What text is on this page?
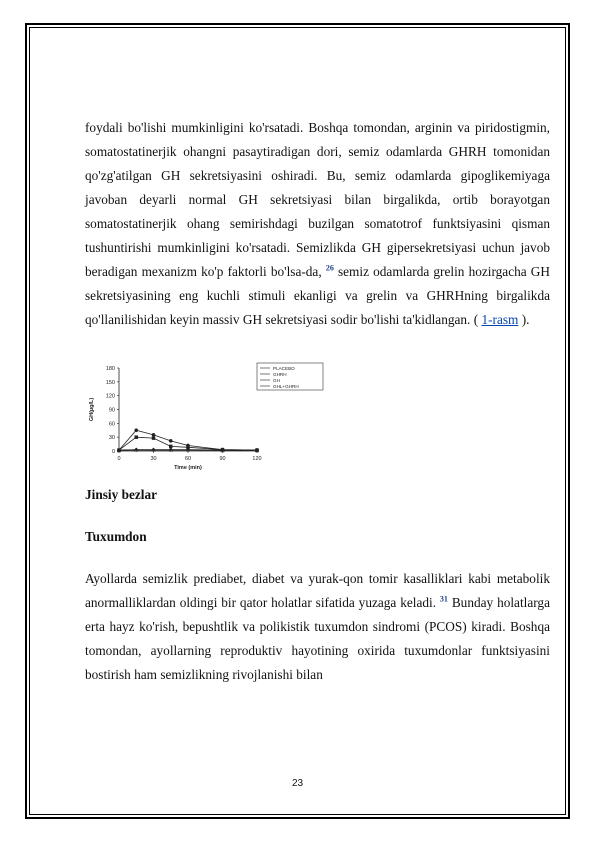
foydali bo'lishi mumkinligini ko'rsatadi. Boshqa tomondan, arginin va piridostigmin, somatostatinerjik ohangni pasaytiradigan dori, semiz odamlarda GHRH tomonidan qo'zg'atilgan GH sekretsiyasini oshiradi. Bu, semiz odamlarda gipoglikemiyaga javoban deyarli normal GH sekretsiyasi bilan birgalikda, ortib borayotgan somatostatinerjik ohang semirishdagi buzilgan somatotrof funktsiyasini qisman tushuntirishi mumkinligini ko'rsatadi. Semizlikda GH gipersekretsiyasi uchun javob beradigan mexanizm ko'p faktorli bo'lsa-da, $^{26}$ semiz odamlarda grelin hozirgacha GH sekretsiyasining eng kuchli stimuli ekanligi va grelin va GHRHning birgalikda qo'llanilishidan keyin massiv GH sekretsiyasi sodir bo'lishi ta'kidlangan. ( 1-rasm ).

0
30
60
90
120
150
180
0	30	60	90	120
Time (min)
GH(µg/L)
PLACEBO
GHRH
GH
GHL+GHRH
Jinsiy bezlar
Tuxumdon

Ayollarda semizlik prediabet, diabet va yurak-qon tomir kasalliklari kabi metabolik anormalliklardan oldingi bir qator holatlar sifatida yuzaga keladi. $^{31}$ Bunday holatlarga erta hayz ko'rish, bepushtlik va polikistik tuxumdon sindromi (PCOS) kiradi. Boshqa tomondan, ayollarning reproduktiv hayotining oxirida tuxumdonlar funktsiyasini bostirish ham semizlikning rivojlanishi bilan

23
